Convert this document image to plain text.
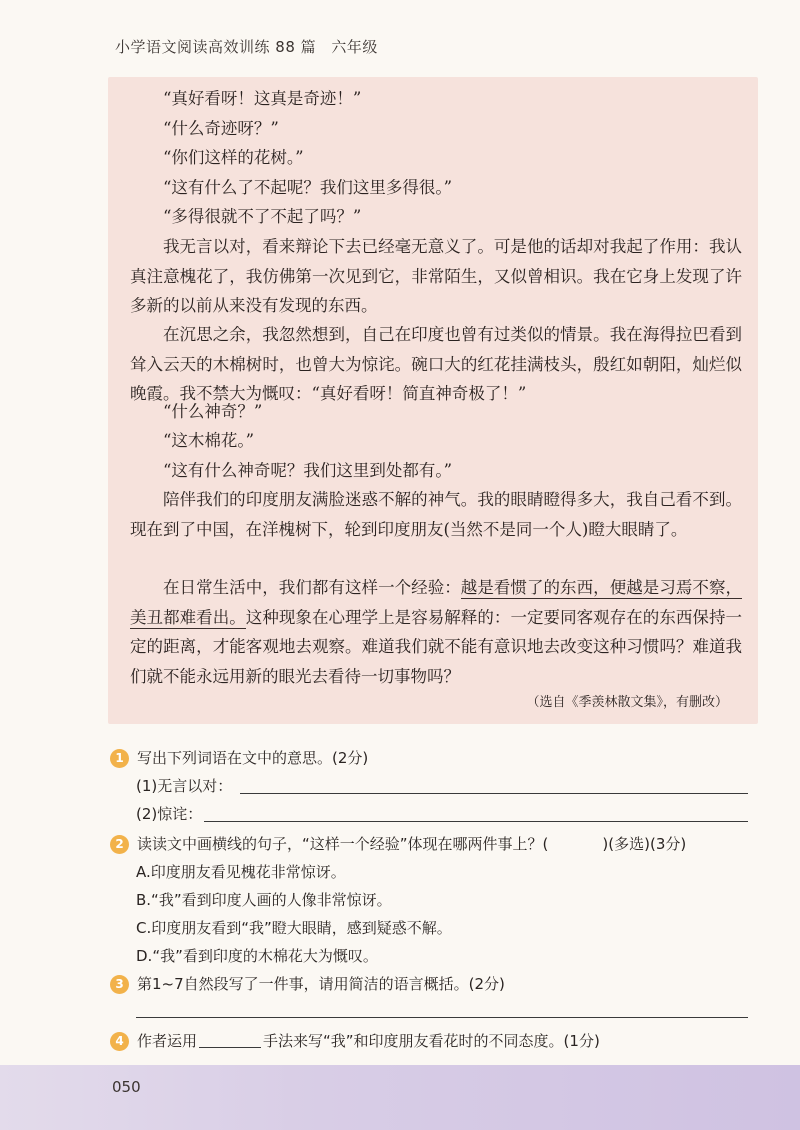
小学语文阅读高效训练 88 篇 六年级

“真好看呀！这真是奇迹！”

“什么奇迹呀？”

“你们这样的花树。”

“这有什么了不起呢？我们这里多得很。”

“多得很就不了不起了吗？”

我无言以对，看来辩论下去已经毫无意义了。可是他的话却对我起了作用：我认真注意槐花了，我仿佛第一次见到它，非常陌生，又似曾相识。我在它身上发现了许多新的以前从来没有发现的东西。

在沉思之余，我忽然想到，自己在印度也曾有过类似的情景。我在海得拉巴看到耸入云天的木棉树时，也曾大为惊诧。碗口大的红花挂满枝头，殷红如朝阳，灿烂似晚霞。我不禁大为慨叹：“真好看呀！简直神奇极了！”

“什么神奇？”

“这木棉花。”

“这有什么神奇呢？我们这里到处都有。”

陪伴我们的印度朋友满脸迷惑不解的神气。我的眼睛瞪得多大，我自己看不到。现在到了中国，在洋槐树下，轮到印度朋友(当然不是同一个人)瞪大眼睛了。

在日常生活中，我们都有这样一个经验：越是看惯了的东西，便越是习焉不察，美丑都难看出。这种现象在心理学上是容易解释的：一定要同客观存在的东西保持一定的距离，才能客观地去观察。难道我们就不能有意识地去改变这种习惯吗？难道我们就不能永远用新的眼光去看待一切事物吗？

（选自《季羡林散文集》，有删改）
1 写出下列词语在文中的意思。(2分)
(1)无言以对：
(2)惊诧：
2 读读文中画横线的句子，“这样一个经验”体现在哪两件事上？(	)(多选)(3分)
A.印度朋友看见槐花非常惊讶。
B.“我”看到印度人画的人像非常惊讶。
C.印度朋友看到“我”瞪大眼睛，感到疑惑不解。
D.“我”看到印度的木棉花大为慨叹。
3 第1~7自然段写了一件事，请用简洁的语言概括。(2分)
4 作者运用	手法来写“我”和印度朋友看花时的不同态度。(1分)
050
